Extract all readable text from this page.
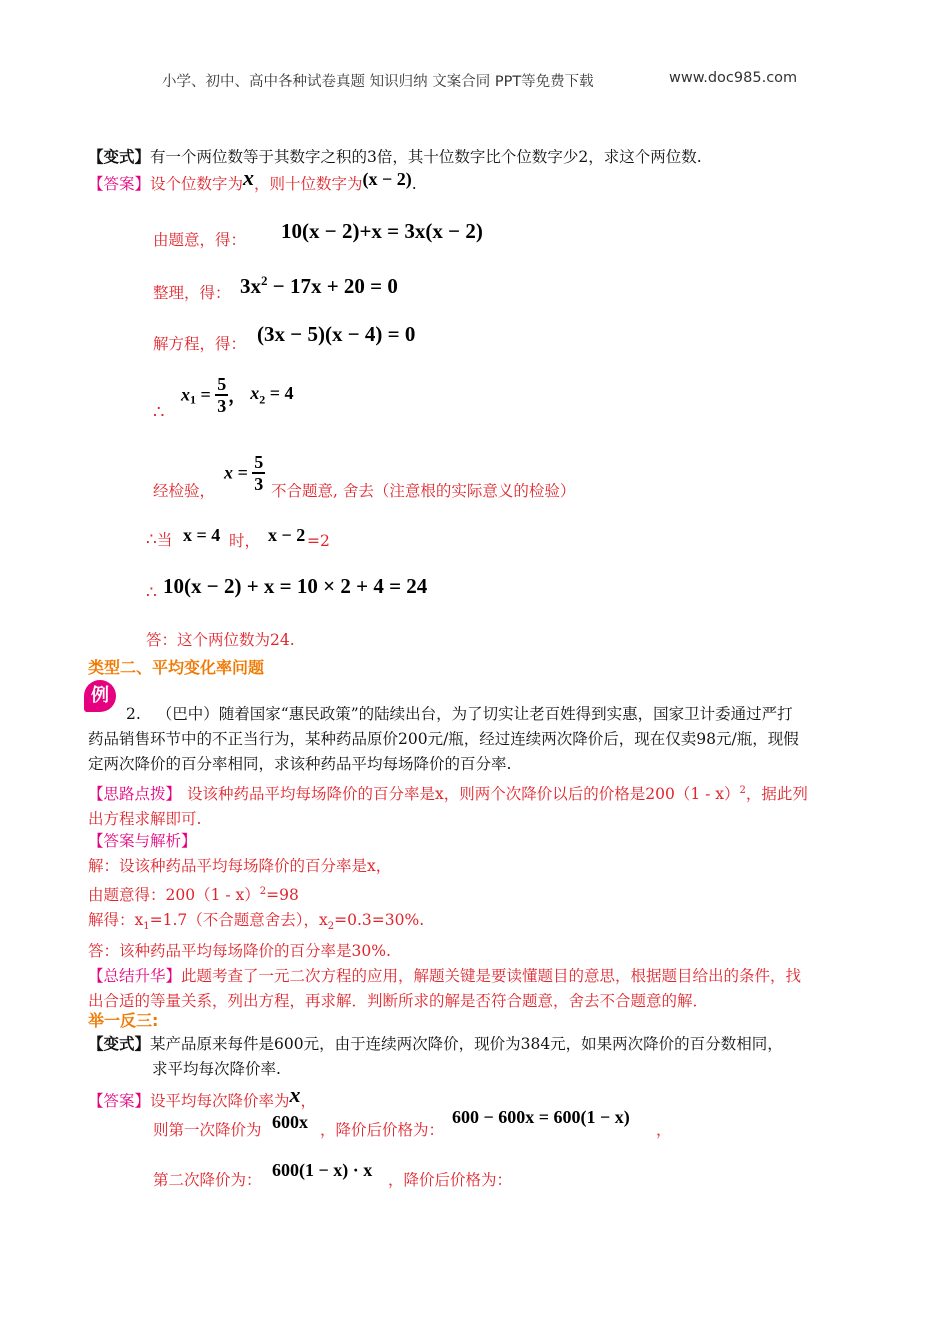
小学、初中、高中各种试卷真题 知识归纳 文案合同 PPT等免费下载	www.doc985.com
【变式】有一个两位数等于其数字之积的3倍，其十位数字比个位数字少2，求这个两位数.
【答案】设个位数字为x，则十位数字为(x − 2).
由题意，得： 10(x − 2)+x = 3x(x − 2)
整理，得： $3x^2 - 17x + 20 = 0$
解方程，得： (3x − 5)(x − 4) = 0
∴
$x_1 = \frac{5}{3}$ ， $x_2 = 4$
经检验，
$x = \frac{5}{3}$ 不合题意, 舍去（注意根的实际意义的检验）
∴当 x = 4 时， x − 2 =2
∴ 10(x − 2) + x = 10 × 2 + 4 = 24
答：这个两位数为24.
类型二、平均变化率问题
例
2. （巴中）随着国家“惠民政策”的陆续出台，为了切实让老百姓得到实惠，国家卫计委通过严打
药品销售环节中的不正当行为，某种药品原价200元/瓶，经过连续两次降价后，现在仅卖98元/瓶，现假
定两次降价的百分率相同，求该种药品平均每场降价的百分率.
【思路点拨】 设该种药品平均每场降价的百分率是x，则两个次降价以后的价格是200（1 - x）$^2$，据此列
出方程求解即可.
【答案与解析】
解：设该种药品平均每场降价的百分率是x，
由题意得：200（1 - x）$^2$=98
解得：$x_1=1.7$（不合题意舍去），$x_2=0.3=30\%$.
答：该种药品平均每场降价的百分率是30%.
【总结升华】此题考查了一元二次方程的应用，解题关键是要读懂题目的意思，根据题目给出的条件，找
出合适的等量关系，列出方程，再求解．判断所求的解是否符合题意，舍去不合题意的解．
举一反三:
【变式】某产品原来每件是600元，由于连续两次降价，现价为384元，如果两次降价的百分数相同，
求平均每次降价率.
【答案】设平均每次降价率为x，
则第一次降价为 600x ，降价后价格为：
600 − 600x = 600(1 − x)
，
第二次降价为： 600(1 − x) · x ，降价后价格为：
